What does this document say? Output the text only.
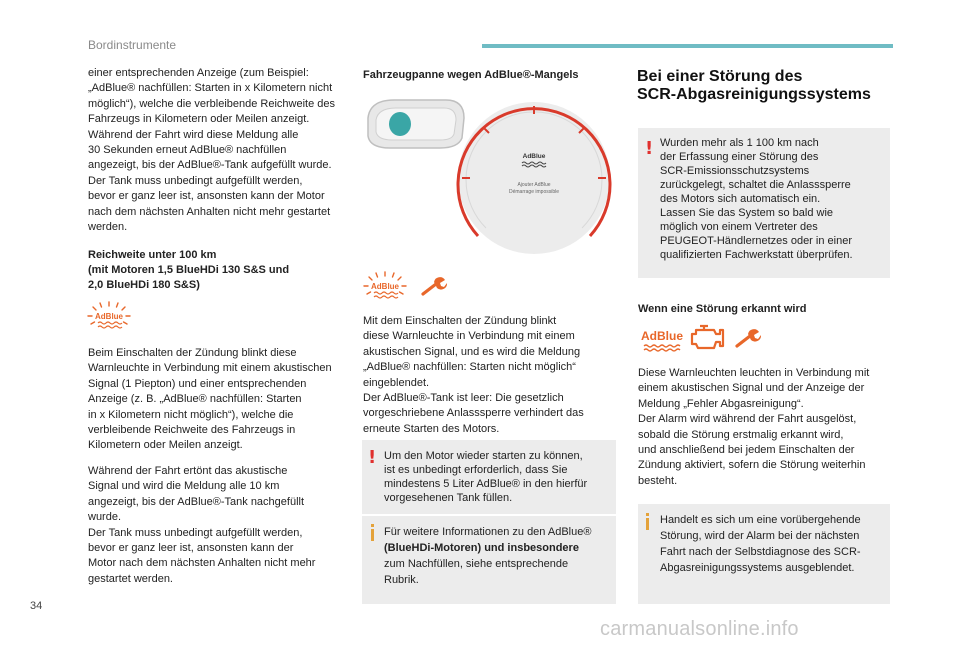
Bordinstrumente
einer entsprechenden Anzeige (zum Beispiel:
„AdBlue® nachfüllen: Starten in x Kilometern nicht
möglich“), welche die verbleibende Reichweite des
Fahrzeugs in Kilometern oder Meilen anzeigt.
Während der Fahrt wird diese Meldung alle
30 Sekunden erneut AdBlue® nachfüllen
angezeigt, bis der AdBlue®-Tank aufgefüllt wurde.
Der Tank muss unbedingt aufgefüllt werden,
bevor er ganz leer ist, ansonsten kann der Motor
nach dem nächsten Anhalten nicht mehr gestartet
werden.
Reichweite unter 100 km
(mit Motoren 1,5 BlueHDi 130 S&S und
2,0 BlueHDi 180 S&S)
AdBlue
Beim Einschalten der Zündung blinkt diese
Warnleuchte in Verbindung mit einem akustischen
Signal (1 Piepton) und einer entsprechenden
Anzeige (z. B. „AdBlue® nachfüllen: Starten
in x Kilometern nicht möglich“), welche die
verbleibende Reichweite des Fahrzeugs in
Kilometern oder Meilen anzeigt.
Während der Fahrt ertönt das akustische
Signal und wird die Meldung alle 10 km
angezeigt, bis der AdBlue®-Tank nachgefüllt
wurde.
Der Tank muss unbedingt aufgefüllt werden,
bevor er ganz leer ist, ansonsten kann der
Motor nach dem nächsten Anhalten nicht mehr
gestartet werden.
Fahrzeugpanne wegen AdBlue®-Mangels
AdBlue
Ajouter AdBlue
Démarrage impossible
AdBlue
Mit dem Einschalten der Zündung blinkt
diese Warnleuchte in Verbindung mit einem
akustischen Signal, und es wird die Meldung
„AdBlue® nachfüllen: Starten nicht möglich“
eingeblendet.
Der AdBlue®-Tank ist leer: Die gesetzlich
vorgeschriebene Anlasssperre verhindert das
erneute Starten des Motors.
! Um den Motor wieder starten zu können,
ist es unbedingt erforderlich, dass Sie
mindestens 5 Liter AdBlue® in den hierfür
vorgesehenen Tank füllen.
Für weitere Informationen zu den AdBlue®
(BlueHDi-Motoren) und insbesondere
zum Nachfüllen, siehe entsprechende
Rubrik.
Bei einer Störung des
SCR-Abgasreinigungssystems
! Wurden mehr als 1 100 km nach
der Erfassung einer Störung des
SCR-Emissionsschutzsystems
zurückgelegt, schaltet die Anlasssperre
des Motors sich automatisch ein.
Lassen Sie das System so bald wie
möglich von einem Vertreter des
PEUGEOT-Händlernetzes oder in einer
qualifizierten Fachwerkstatt überprüfen.
Wenn eine Störung erkannt wird
AdBlue
Diese Warnleuchten leuchten in Verbindung mit
einem akustischen Signal und der Anzeige der
Meldung „Fehler Abgasreinigung“.
Der Alarm wird während der Fahrt ausgelöst,
sobald die Störung erstmalig erkannt wird,
und anschließend bei jedem Einschalten der
Zündung aktiviert, sofern die Störung weiterhin
besteht.
Handelt es sich um eine vorübergehende
Störung, wird der Alarm bei der nächsten
Fahrt nach der Selbstdiagnose des SCR-
Abgasreinigungssystems ausgeblendet.
34
carmanualsonline.info
